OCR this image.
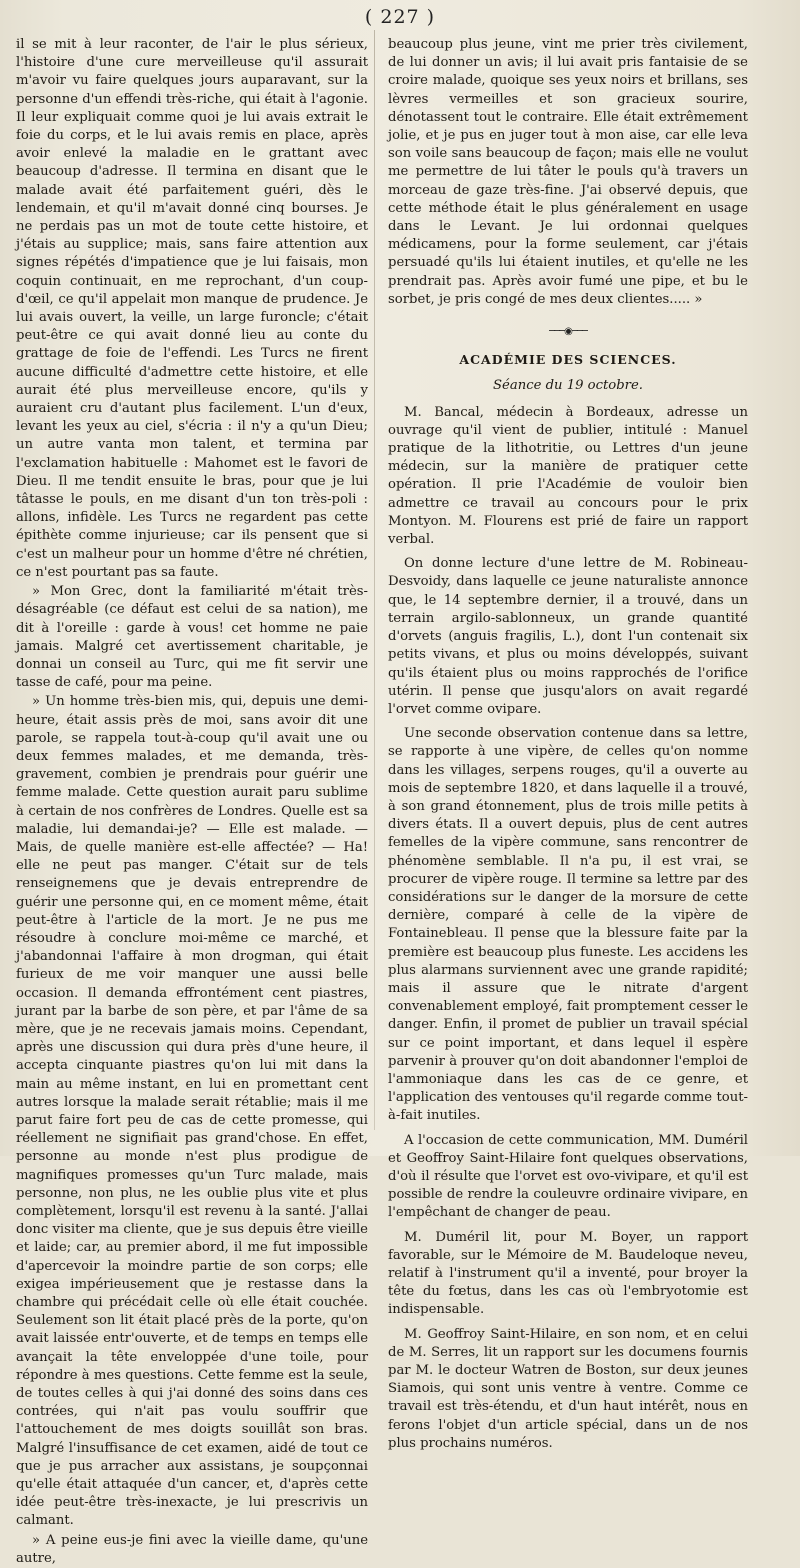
( 227 )

il se mit à leur raconter, de l'air le plus sérieux, l'histoire d'une cure merveilleuse qu'il assurait m'avoir vu faire quelques jours auparavant, sur la personne d'un effendi très-riche, qui était à l'agonie. Il leur expliquait comme quoi je lui avais extrait le foie du corps, et le lui avais remis en place, après avoir enlevé la maladie en le grattant avec beaucoup d'adresse. Il termina en disant que le malade avait été parfaitement guéri, dès le lendemain, et qu'il m'avait donné cinq bourses. Je ne perdais pas un mot de toute cette histoire, et j'étais au supplice; mais, sans faire attention aux signes répétés d'impatience que je lui faisais, mon coquin continuait, en me reprochant, d'un coup-d'œil, ce qu'il appelait mon manque de prudence. Je lui avais ouvert, la veille, un large furoncle; c'était peut-être ce qui avait donné lieu au conte du grattage de foie de l'effendi. Les Turcs ne firent aucune difficulté d'admettre cette histoire, et elle aurait été plus merveilleuse encore, qu'ils y auraient cru d'autant plus facilement. L'un d'eux, levant les yeux au ciel, s'écria : il n'y a qu'un Dieu; un autre vanta mon talent, et termina par l'exclamation habituelle : Mahomet est le favori de Dieu. Il me tendit ensuite le bras, pour que je lui tâtasse le pouls, en me disant d'un ton très-poli : allons, infidèle. Les Turcs ne regardent pas cette épithète comme injurieuse; car ils pensent que si c'est un malheur pour un homme d'être né chrétien, ce n'est pourtant pas sa faute.

» Mon Grec, dont la familiarité m'était très-désagréable (ce défaut est celui de sa nation), me dit à l'oreille : garde à vous! cet homme ne paie jamais. Malgré cet avertissement charitable, je donnai un conseil au Turc, qui me fit servir une tasse de café, pour ma peine.

» Un homme très-bien mis, qui, depuis une demi-heure, était assis près de moi, sans avoir dit une parole, se rappela tout-à-coup qu'il avait une ou deux femmes malades, et me demanda, très-gravement, combien je prendrais pour guérir une femme malade. Cette question aurait paru sublime à certain de nos confrères de Londres. Quelle est sa maladie, lui demandai-je? — Elle est malade. — Mais, de quelle manière est-elle affectée? — Ha! elle ne peut pas manger. C'était sur de tels renseignemens que je devais entreprendre de guérir une personne qui, en ce moment même, était peut-être à l'article de la mort. Je ne pus me résoudre à conclure moi-même ce marché, et j'abandonnai l'affaire à mon drogman, qui était furieux de me voir manquer une aussi belle occasion. Il demanda effrontément cent piastres, jurant par la barbe de son père, et par l'âme de sa mère, que je ne recevais jamais moins. Cependant, après une discussion qui dura près d'une heure, il accepta cinquante piastres qu'on lui mit dans la main au même instant, en lui en promettant cent autres lorsque la malade serait rétablie; mais il me parut faire fort peu de cas de cette promesse, qui réellement ne signifiait pas grand'chose. En effet, personne au monde n'est plus prodigue de magnifiques promesses qu'un Turc malade, mais personne, non plus, ne les oublie plus vite et plus complètement, lorsqu'il est revenu à la santé. J'allai donc visiter ma cliente, que je sus depuis être vieille et laide; car, au premier abord, il me fut impossible d'apercevoir la moindre partie de son corps; elle exigea impérieusement que je restasse dans la chambre qui précédait celle où elle était couchée. Seulement son lit était placé près de la porte, qu'on avait laissée entr'ouverte, et de temps en temps elle avançait la tête enveloppée d'une toile, pour répondre à mes questions. Cette femme est la seule, de toutes celles à qui j'ai donné des soins dans ces contrées, qui n'ait pas voulu souffrir que l'attouchement de mes doigts souillât son bras. Malgré l'insuffisance de cet examen, aidé de tout ce que je pus arracher aux assistans, je soupçonnai qu'elle était attaquée d'un cancer, et, d'après cette idée peut-être très-inexacte, je lui prescrivis un calmant.

» A peine eus-je fini avec la vieille dame, qu'une autre,

beaucoup plus jeune, vint me prier très civilement, de lui donner un avis; il lui avait pris fantaisie de se croire malade, quoique ses yeux noirs et brillans, ses lèvres vermeilles et son gracieux sourire, dénotassent tout le contraire. Elle était extrêmement jolie, et je pus en juger tout à mon aise, car elle leva son voile sans beaucoup de façon; mais elle ne voulut me permettre de lui tâter le pouls qu'à travers un morceau de gaze très-fine. J'ai observé depuis, que cette méthode était le plus généralement en usage dans le Levant. Je lui ordonnai quelques médicamens, pour la forme seulement, car j'étais persuadé qu'ils lui étaient inutiles, et qu'elle ne les prendrait pas. Après avoir fumé une pipe, et bu le sorbet, je pris congé de mes deux clientes..... »

───◉───
ACADÉMIE DES SCIENCES.
Séance du 19 octobre.

M. Bancal, médecin à Bordeaux, adresse un ouvrage qu'il vient de publier, intitulé : Manuel pratique de la lithotritie, ou Lettres d'un jeune médecin, sur la manière de pratiquer cette opération. Il prie l'Académie de vouloir bien admettre ce travail au concours pour le prix Montyon. M. Flourens est prié de faire un rapport verbal.

On donne lecture d'une lettre de M. Robineau-Desvoidy, dans laquelle ce jeune naturaliste annonce que, le 14 septembre dernier, il a trouvé, dans un terrain argilo-sablonneux, un grande quantité d'orvets (anguis fragilis, L.), dont l'un contenait six petits vivans, et plus ou moins développés, suivant qu'ils étaient plus ou moins rapprochés de l'orifice utérin. Il pense que jusqu'alors on avait regardé l'orvet comme ovipare.

Une seconde observation contenue dans sa lettre, se rapporte à une vipère, de celles qu'on nomme dans les villages, serpens rouges, qu'il a ouverte au mois de septembre 1820, et dans laquelle il a trouvé, à son grand étonnement, plus de trois mille petits à divers états. Il a ouvert depuis, plus de cent autres femelles de la vipère commune, sans rencontrer de phénomène semblable. Il n'a pu, il est vrai, se procurer de vipère rouge. Il termine sa lettre par des considérations sur le danger de la morsure de cette dernière, comparé à celle de la vipère de Fontainebleau. Il pense que la blessure faite par la première est beaucoup plus funeste. Les accidens les plus alarmans surviennent avec une grande rapidité; mais il assure que le nitrate d'argent convenablement employé, fait promptement cesser le danger. Enfin, il promet de publier un travail spécial sur ce point important, et dans lequel il espère parvenir à prouver qu'on doit abandonner l'emploi de l'ammoniaque dans les cas de ce genre, et l'application des ventouses qu'il regarde comme tout-à-fait inutiles.

A l'occasion de cette communication, MM. Duméril et Geoffroy Saint-Hilaire font quelques observations, d'où il résulte que l'orvet est ovo-vivipare, et qu'il est possible de rendre la couleuvre ordinaire vivipare, en l'empêchant de changer de peau.

M. Duméril lit, pour M. Boyer, un rapport favorable, sur le Mémoire de M. Baudeloque neveu, relatif à l'instrument qu'il a inventé, pour broyer la tête du fœtus, dans les cas où l'embryotomie est indispensable.

M. Geoffroy Saint-Hilaire, en son nom, et en celui de M. Serres, lit un rapport sur les documens fournis par M. le docteur Watren de Boston, sur deux jeunes Siamois, qui sont unis ventre à ventre. Comme ce travail est très-étendu, et d'un haut intérêt, nous en ferons l'objet d'un article spécial, dans un de nos plus prochains numéros.
